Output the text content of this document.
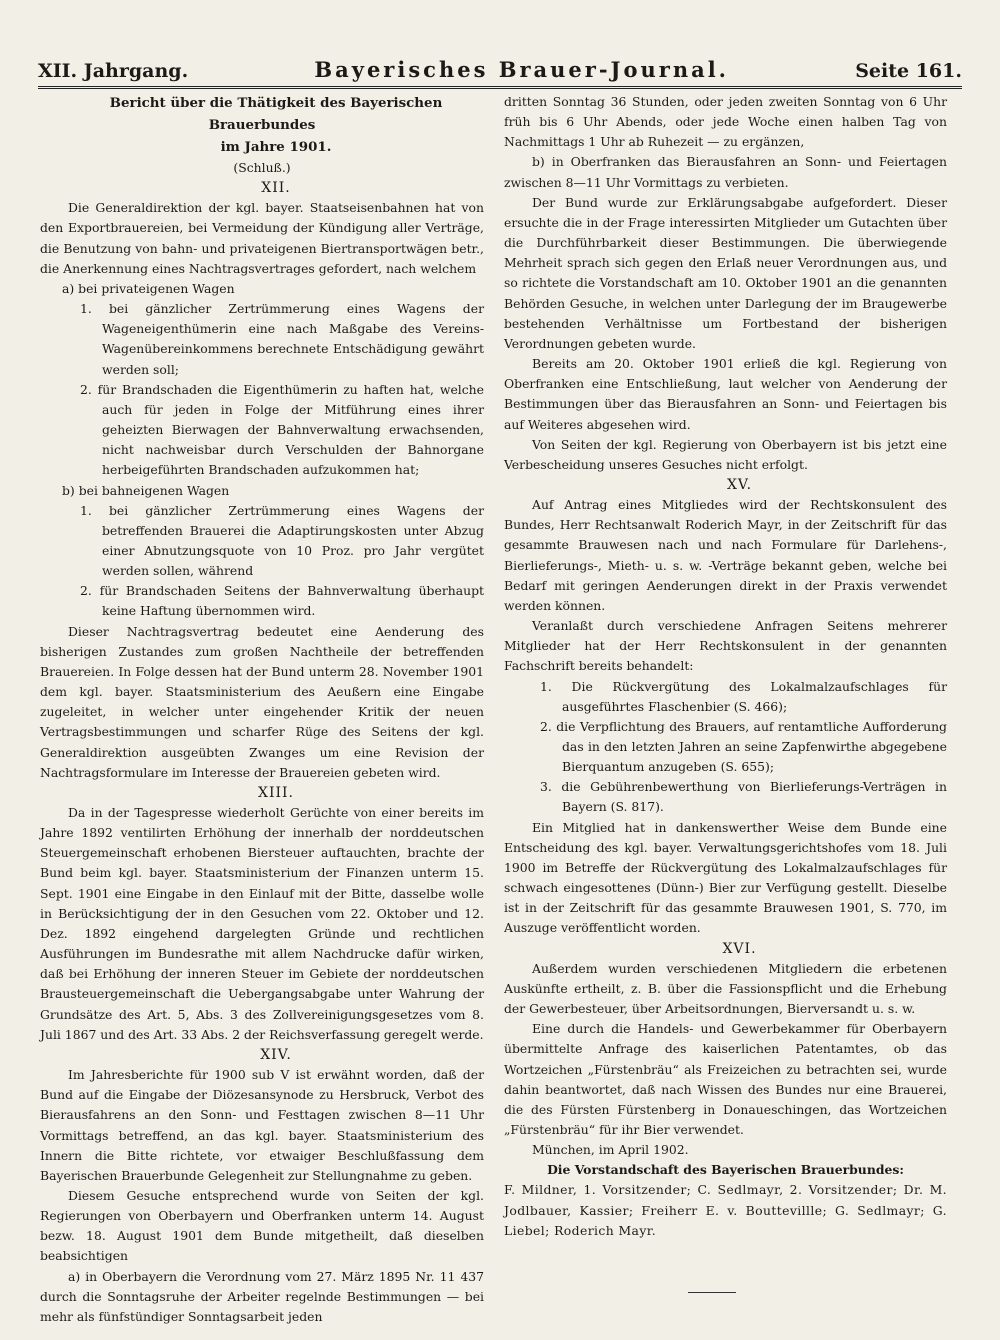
XII. Jahrgang.	Bayerisches Brauer-Journal.	Seite 161.

Bericht über die Thätigkeit des Bayerischen Brauerbundes

im Jahre 1901.

(Schluß.)

XII.

Die Generaldirektion der kgl. bayer. Staatseisenbahnen hat von den Exportbrauereien, bei Vermeidung der Kündigung aller Verträge, die Benutzung von bahn- und privateigenen Biertransportwägen betr., die Anerkennung eines Nachtragsvertrages gefordert, nach welchem

a) bei privateigenen Wagen

1. bei gänzlicher Zertrümmerung eines Wagens der Wageneigenthümerin eine nach Maßgabe des Vereins-Wagenübereinkommens berechnete Entschädigung gewährt werden soll;

2. für Brandschaden die Eigenthümerin zu haften hat, welche auch für jeden in Folge der Mitführung eines ihrer geheizten Bierwagen der Bahnverwaltung erwachsenden, nicht nachweisbar durch Verschulden der Bahnorgane herbeigeführten Brandschaden aufzukommen hat;

b) bei bahneigenen Wagen

1. bei gänzlicher Zertrümmerung eines Wagens der betreffenden Brauerei die Adaptirungskosten unter Abzug einer Abnutzungsquote von 10 Proz. pro Jahr vergütet werden sollen, während

2. für Brandschaden Seitens der Bahnverwaltung überhaupt keine Haftung übernommen wird.

Dieser Nachtragsvertrag bedeutet eine Aenderung des bisherigen Zustandes zum großen Nachtheile der betreffenden Brauereien. In Folge dessen hat der Bund unterm 28. November 1901 dem kgl. bayer. Staatsministerium des Aeußern eine Eingabe zugeleitet, in welcher unter eingehender Kritik der neuen Vertragsbestimmungen und scharfer Rüge des Seitens der kgl. Generaldirektion ausgeübten Zwanges um eine Revision der Nachtragsformulare im Interesse der Brauereien gebeten wird.

XIII.

Da in der Tagespresse wiederholt Gerüchte von einer bereits im Jahre 1892 ventilirten Erhöhung der innerhalb der norddeutschen Steuergemeinschaft erhobenen Biersteuer auftauchten, brachte der Bund beim kgl. bayer. Staatsministerium der Finanzen unterm 15. Sept. 1901 eine Eingabe in den Einlauf mit der Bitte, dasselbe wolle in Berücksichtigung der in den Gesuchen vom 22. Oktober und 12. Dez. 1892 eingehend dargelegten Gründe und rechtlichen Ausführungen im Bundesrathe mit allem Nachdrucke dafür wirken, daß bei Erhöhung der inneren Steuer im Gebiete der norddeutschen Brausteuergemeinschaft die Uebergangsabgabe unter Wahrung der Grundsätze des Art. 5, Abs. 3 des Zollvereinigungsgesetzes vom 8. Juli 1867 und des Art. 33 Abs. 2 der Reichsverfassung geregelt werde.

XIV.

Im Jahresberichte für 1900 sub V ist erwähnt worden, daß der Bund auf die Eingabe der Diözesansynode zu Hersbruck, Verbot des Bierausfahrens an den Sonn- und Festtagen zwischen 8—11 Uhr Vormittags betreffend, an das kgl. bayer. Staatsministerium des Innern die Bitte richtete, vor etwaiger Beschlußfassung dem Bayerischen Brauerbunde Gelegenheit zur Stellungnahme zu geben.

Diesem Gesuche entsprechend wurde von Seiten der kgl. Regierungen von Oberbayern und Oberfranken unterm 14. August bezw. 18. August 1901 dem Bunde mitgetheilt, daß dieselben beabsichtigen

a) in Oberbayern die Verordnung vom 27. März 1895 Nr. 11 437 durch die Sonntagsruhe der Arbeiter regelnde Bestimmungen — bei mehr als fünfstündiger Sonntagsarbeit jeden

dritten Sonntag 36 Stunden, oder jeden zweiten Sonntag von 6 Uhr früh bis 6 Uhr Abends, oder jede Woche einen halben Tag von Nachmittags 1 Uhr ab Ruhezeit — zu ergänzen,

b) in Oberfranken das Bierausfahren an Sonn- und Feiertagen zwischen 8—11 Uhr Vormittags zu verbieten.

Der Bund wurde zur Erklärungsabgabe aufgefordert. Dieser ersuchte die in der Frage interessirten Mitglieder um Gutachten über die Durchführbarkeit dieser Bestimmungen. Die überwiegende Mehrheit sprach sich gegen den Erlaß neuer Verordnungen aus, und so richtete die Vorstandschaft am 10. Oktober 1901 an die genannten Behörden Gesuche, in welchen unter Darlegung der im Braugewerbe bestehenden Verhältnisse um Fortbestand der bisherigen Verordnungen gebeten wurde.

Bereits am 20. Oktober 1901 erließ die kgl. Regierung von Oberfranken eine Entschließung, laut welcher von Aenderung der Bestimmungen über das Bierausfahren an Sonn- und Feiertagen bis auf Weiteres abgesehen wird.

Von Seiten der kgl. Regierung von Oberbayern ist bis jetzt eine Verbescheidung unseres Gesuches nicht erfolgt.

XV.

Auf Antrag eines Mitgliedes wird der Rechtskonsulent des Bundes, Herr Rechtsanwalt Roderich Mayr, in der Zeitschrift für das gesammte Brauwesen nach und nach Formulare für Darlehens-, Bierlieferungs-, Mieth- u. s. w. -Verträge bekannt geben, welche bei Bedarf mit geringen Aenderungen direkt in der Praxis verwendet werden können.

Veranlaßt durch verschiedene Anfragen Seitens mehrerer Mitglieder hat der Herr Rechtskonsulent in der genannten Fachschrift bereits behandelt:

1. Die Rückvergütung des Lokalmalzaufschlages für ausgeführtes Flaschenbier (S. 466);

2. die Verpflichtung des Brauers, auf rentamtliche Aufforderung das in den letzten Jahren an seine Zapfenwirthe abgegebene Bierquantum anzugeben (S. 655);

3. die Gebührenbewerthung von Bierlieferungs-Verträgen in Bayern (S. 817).

Ein Mitglied hat in dankenswerther Weise dem Bunde eine Entscheidung des kgl. bayer. Verwaltungsgerichtshofes vom 18. Juli 1900 im Betreffe der Rückvergütung des Lokalmalzaufschlages für schwach eingesottenes (Dünn-) Bier zur Verfügung gestellt. Dieselbe ist in der Zeitschrift für das gesammte Brauwesen 1901, S. 770, im Auszuge veröffentlicht worden.

XVI.

Außerdem wurden verschiedenen Mitgliedern die erbetenen Auskünfte ertheilt, z. B. über die Fassionspflicht und die Erhebung der Gewerbesteuer, über Arbeitsordnungen, Bierversandt u. s. w.

Eine durch die Handels- und Gewerbekammer für Oberbayern übermittelte Anfrage des kaiserlichen Patentamtes, ob das Wortzeichen „Fürstenbräu“ als Freizeichen zu betrachten sei, wurde dahin beantwortet, daß nach Wissen des Bundes nur eine Brauerei, die des Fürsten Fürstenberg in Donaueschingen, das Wortzeichen „Fürstenbräu“ für ihr Bier verwendet.

München, im April 1902.

Die Vorstandschaft des Bayerischen Brauerbundes:

F. Mildner, 1. Vorsitzender; C. Sedlmayr, 2. Vorsitzender; Dr. M. Jodlbauer, Kassier; Freiherr E. v. Bouttevillle; G. Sedlmayr; G. Liebel; Roderich Mayr.
